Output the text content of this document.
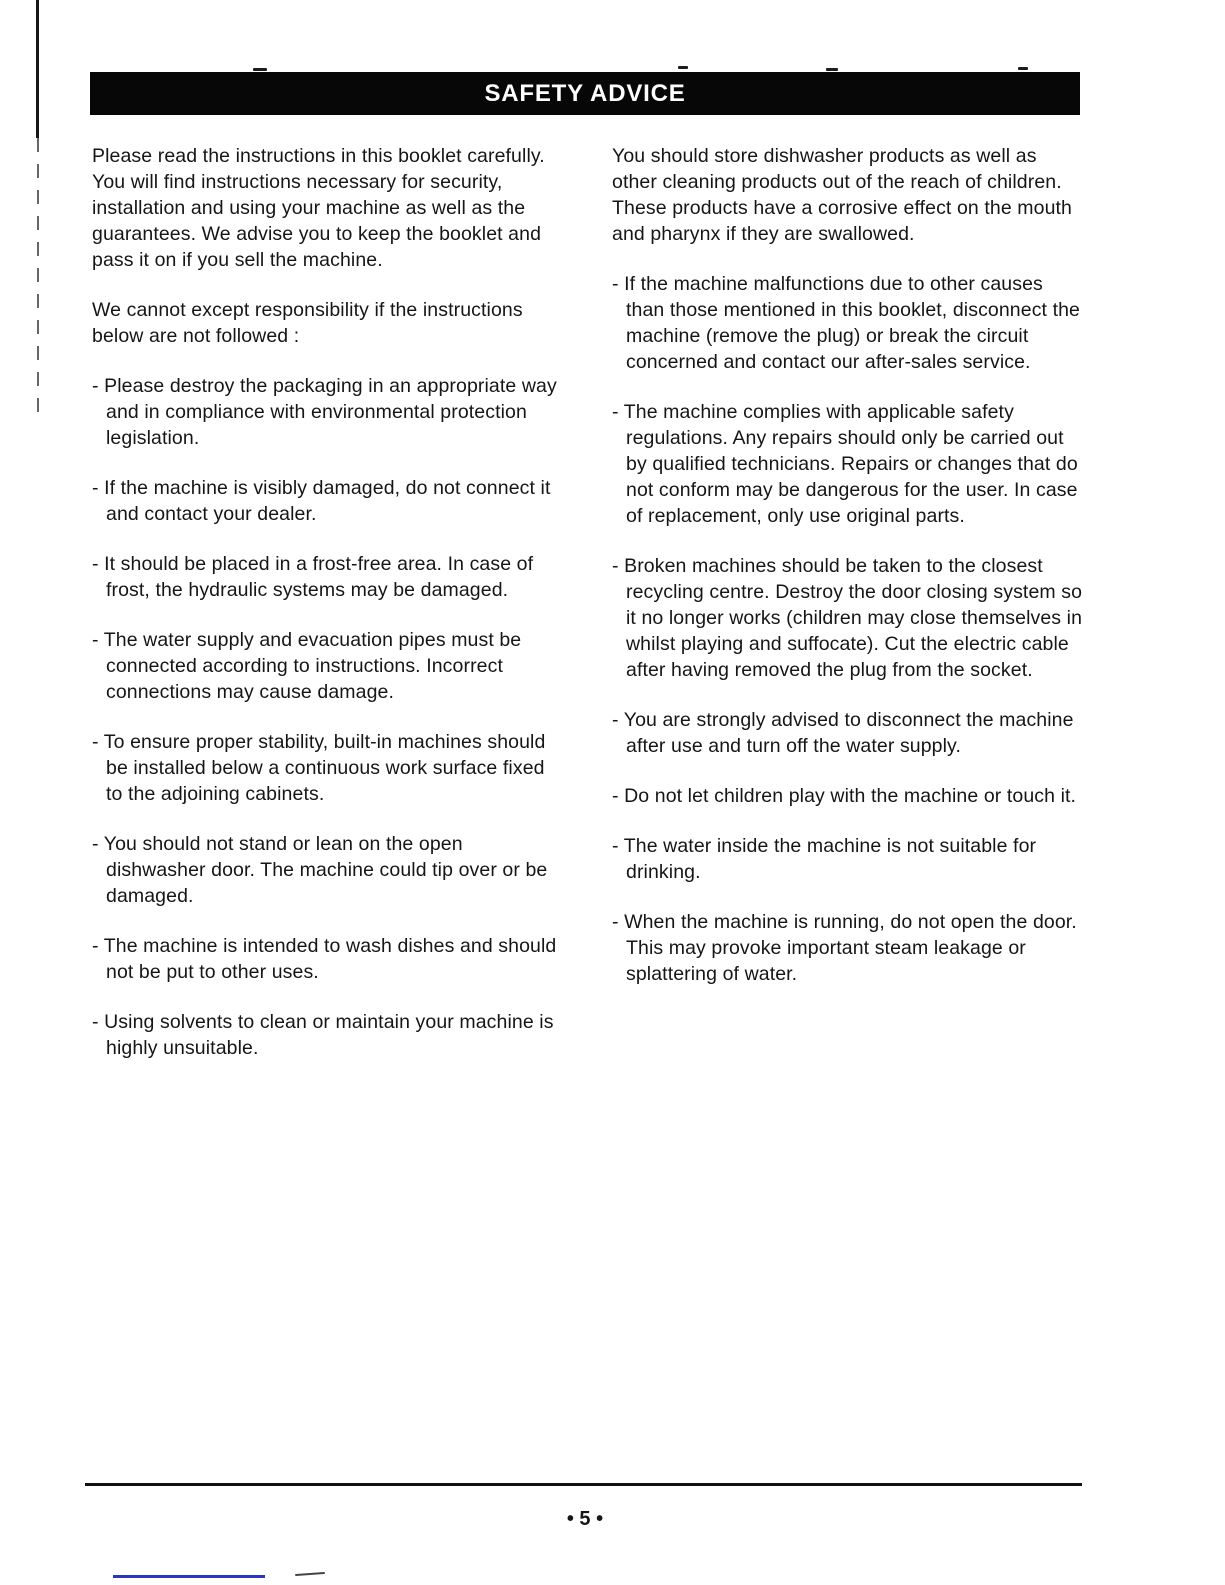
SAFETY ADVICE

Please read the instructions in this booklet carefully. You will find instructions necessary for security, installation and using your machine as well as the guarantees. We advise you to keep the booklet and pass it on if you sell the machine.

We cannot except responsibility if the instructions below are not followed :

- Please destroy the packaging in an appropriate way and in compliance with environmental protection legislation.

- If the machine is visibly damaged, do not connect it and contact your dealer.

- It should be placed in a frost-free area. In case of frost, the hydraulic systems may be damaged.

- The water supply and evacuation pipes must be connected according to instructions. Incorrect connections may cause damage.

- To ensure proper stability, built-in machines should be installed below a continuous work surface fixed to the adjoining cabinets.

- You should not stand or lean on the open dishwasher door. The machine could tip over or be damaged.

- The machine is intended to wash dishes and should not be put to other uses.

- Using solvents to clean or maintain your machine is highly unsuitable.

You should store dishwasher products as well as other cleaning products out of the reach of children. These products have a corrosive effect on the mouth and pharynx if they are swallowed.

- If the machine malfunctions due to other causes than those mentioned in this booklet, disconnect the machine (remove the plug) or break the circuit concerned and contact our after-sales service.

- The machine complies with applicable safety regulations. Any repairs should only be carried out by qualified technicians. Repairs or changes that do not conform may be dangerous for the user. In case of replacement, only use original parts.

- Broken machines should be taken to the closest recycling centre. Destroy the door closing system so it no longer works (children may close themselves in whilst playing and suffocate). Cut the electric cable after having removed the plug from the socket.

- You are strongly advised to disconnect the machine after use and turn off the water supply.

- Do not let children play with the machine or touch it.

- The water inside the machine is not suitable for drinking.

- When the machine is running, do not open the door. This may provoke important steam leakage or splattering of water.

• 5 •
